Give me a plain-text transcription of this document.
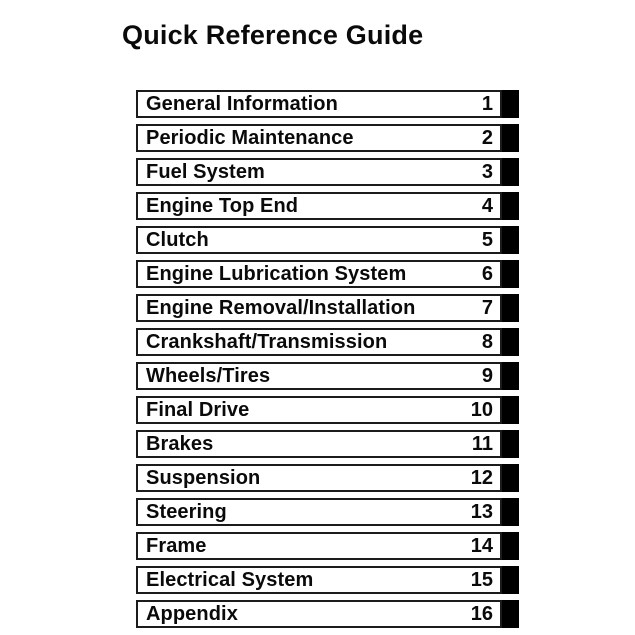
Quick Reference Guide
General Information	1
Periodic Maintenance	2
Fuel System	3
Engine Top End	4
Clutch	5
Engine Lubrication System	6
Engine Removal/Installation	7
Crankshaft/Transmission	8
Wheels/Tires	9
Final Drive	10
Brakes	11
Suspension	12
Steering	13
Frame	14
Electrical System	15
Appendix	16
